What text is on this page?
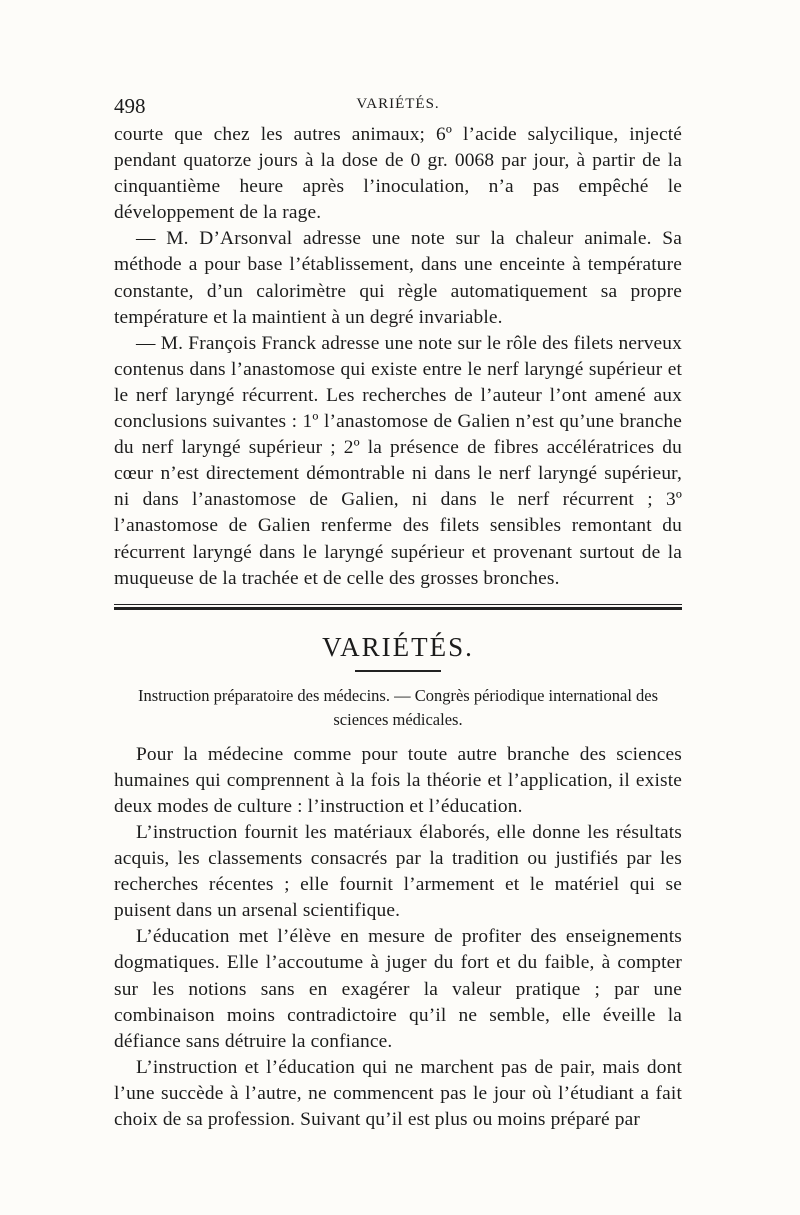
498	VARIÉTÉS.

courte que chez les autres animaux; 6º l’acide salycilique, injecté pendant quatorze jours à la dose de 0 gr. 0068 par jour, à partir de la cinquantième heure après l’inoculation, n’a pas empêché le développement de la rage.

— M. D’Arsonval adresse une note sur la chaleur animale. Sa méthode a pour base l’établissement, dans une enceinte à température constante, d’un calorimètre qui règle automatiquement sa propre température et la maintient à un degré invariable.

— M. François Franck adresse une note sur le rôle des filets nerveux contenus dans l’anastomose qui existe entre le nerf laryngé supérieur et le nerf laryngé récurrent. Les recherches de l’auteur l’ont amené aux conclusions suivantes : 1º l’anastomose de Galien n’est qu’une branche du nerf laryngé supérieur ; 2º la présence de fibres accélératrices du cœur n’est directement démontrable ni dans le nerf laryngé supérieur, ni dans l’anastomose de Galien, ni dans le nerf récurrent ; 3º l’anastomose de Galien renferme des filets sensibles remontant du récurrent laryngé dans le laryngé supérieur et provenant surtout de la muqueuse de la trachée et de celle des grosses bronches.

VARIÉTÉS.
Instruction préparatoire des médecins. — Congrès périodique international des sciences médicales.

Pour la médecine comme pour toute autre branche des sciences humaines qui comprennent à la fois la théorie et l’application, il existe deux modes de culture : l’instruction et l’éducation.

L’instruction fournit les matériaux élaborés, elle donne les résultats acquis, les classements consacrés par la tradition ou justifiés par les recherches récentes ; elle fournit l’armement et le matériel qui se puisent dans un arsenal scientifique.

L’éducation met l’élève en mesure de profiter des enseignements dogmatiques. Elle l’accoutume à juger du fort et du faible, à compter sur les notions sans en exagérer la valeur pratique ; par une combinaison moins contradictoire qu’il ne semble, elle éveille la défiance sans détruire la confiance.

L’instruction et l’éducation qui ne marchent pas de pair, mais dont l’une succède à l’autre, ne commencent pas le jour où l’étudiant a fait choix de sa profession. Suivant qu’il est plus ou moins préparé par
